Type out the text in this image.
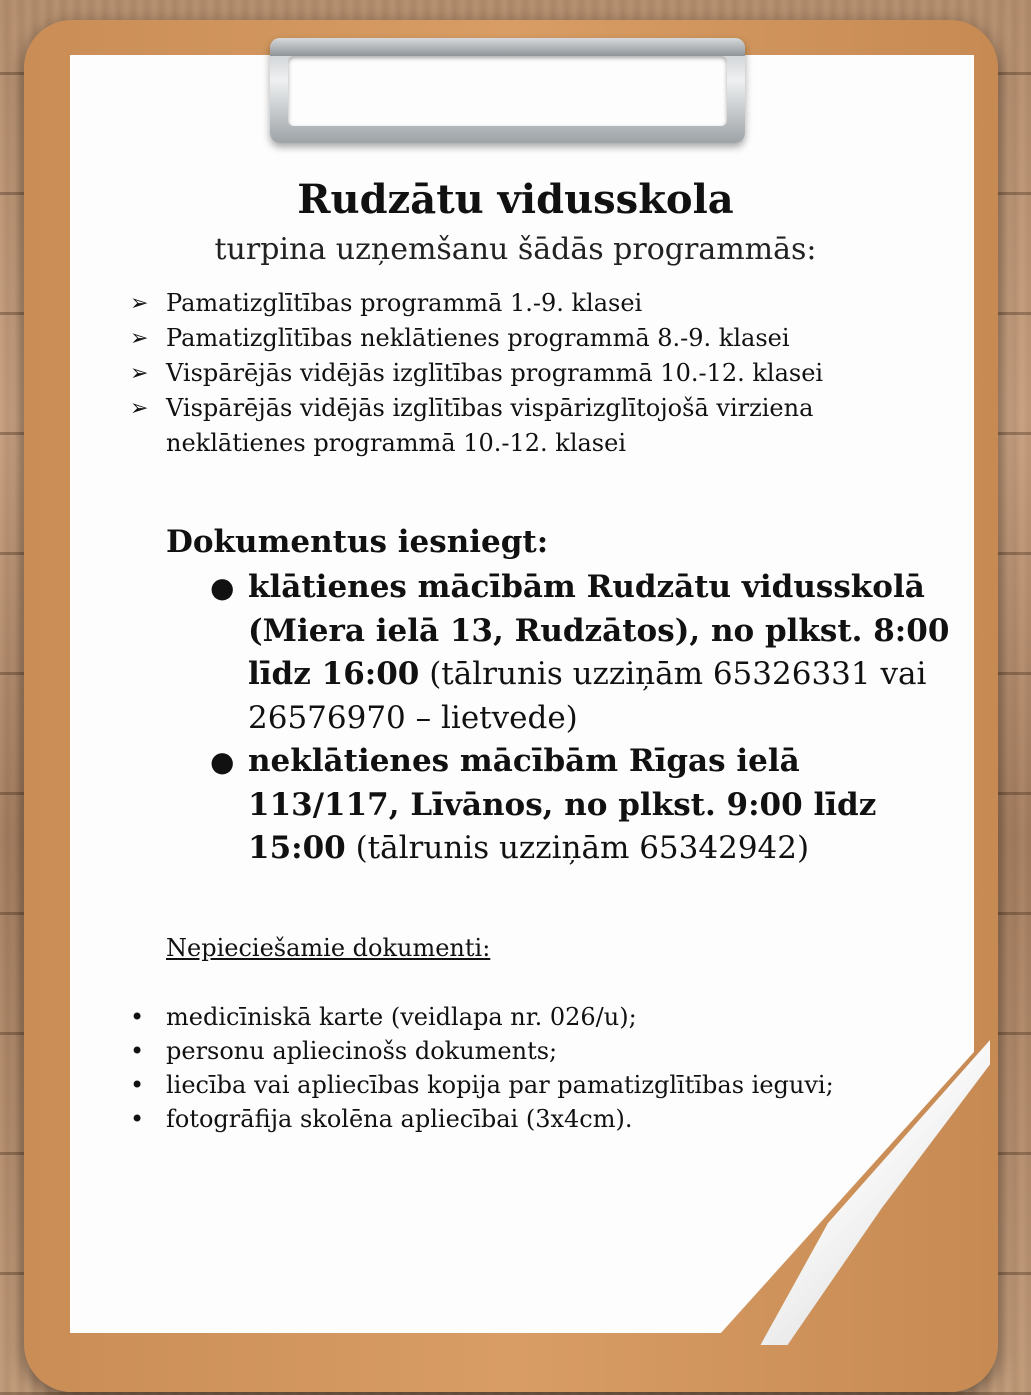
Rudzātu vidusskola
turpina uzņemšanu šādās programmās:
➢ Pamatizglītības programmā 1.-9. klasei
➢ Pamatizglītības neklātienes programmā 8.-9. klasei
➢ Vispārējās vidējās izglītības programmā 10.-12. klasei
➢ Vispārējās vidējās izglītības vispārizglītojošā virziena neklātienes programmā 10.-12. klasei
Dokumentus iesniegt:
● klātienes mācībām Rudzātu vidusskolā (Miera ielā 13, Rudzātos), no plkst. 8:00 līdz 16:00 (tālrunis uzziņām 65326331 vai 26576970 – lietvede)
● neklātienes mācībām Rīgas ielā 113/117, Līvānos, no plkst. 9:00 līdz 15:00 (tālrunis uzziņām 65342942)
Nepieciešamie dokumenti:
• medicīniskā karte (veidlapa nr. 026/u);
• personu apliecinošs dokuments;
• liecība vai apliecības kopija par pamatizglītības ieguvi;
• fotogrāfija skolēna apliecībai (3x4cm).
